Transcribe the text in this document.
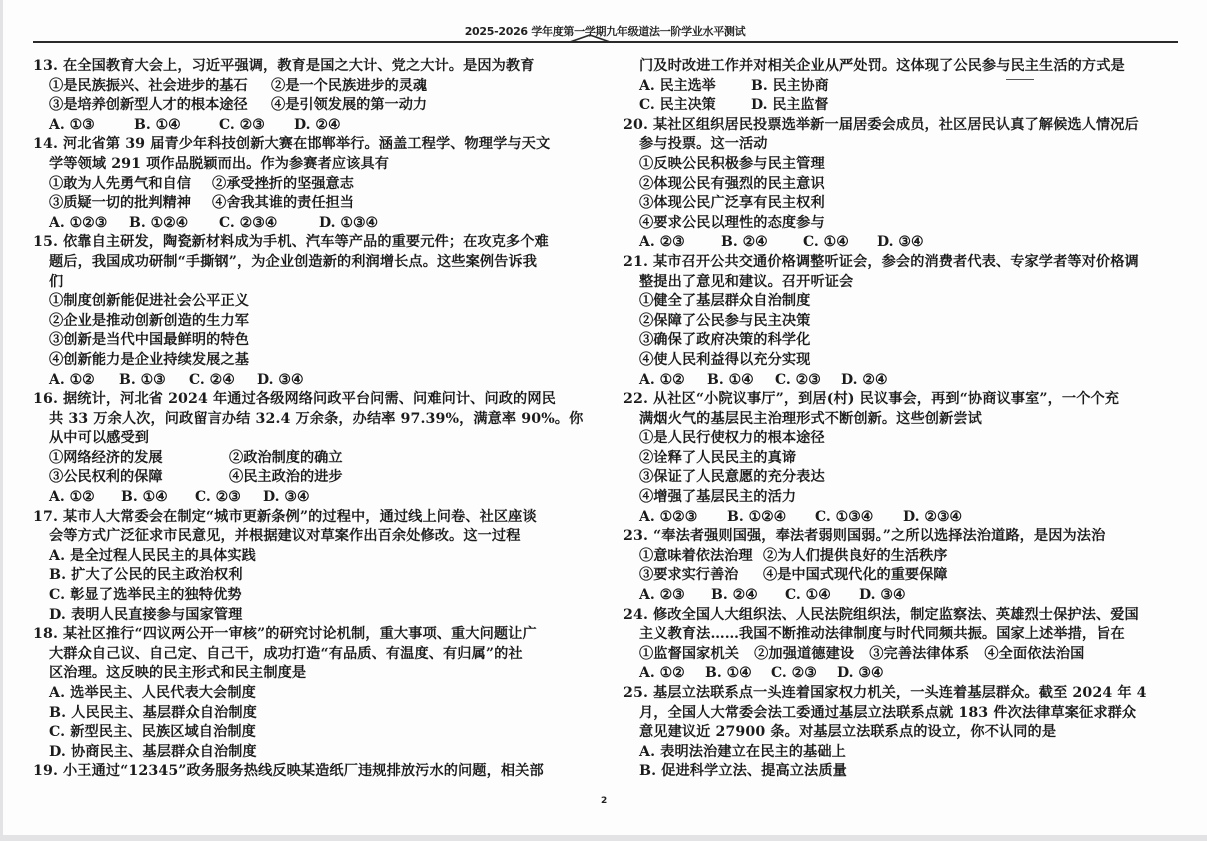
2025-2026 学年度第一学期九年级道法一阶学业水平测试
13. 在全国教育大会上，习近平强调，教育是国之大计、党之大计。是因为教育
①是民族振兴、社会进步的基石	②是一个民族进步的灵魂
③是培养创新型人才的根本途径	④是引领发展的第一动力
A. ①③	B. ①④	C. ②③	D. ②④
14. 河北省第 39 届青少年科技创新大赛在邯郸举行。涵盖工程学、物理学与天文
学等领域 291 项作品脱颖而出。作为参赛者应该具有
①敢为人先勇气和自信	②承受挫折的坚强意志
③质疑一切的批判精神	④舍我其谁的责任担当
A. ①②③	B. ①②④	C. ②③④	D. ①③④
15. 依靠自主研发，陶瓷新材料成为手机、汽车等产品的重要元件；在攻克多个难
题后，我国成功研制“手撕钢”，为企业创造新的利润增长点。这些案例告诉我
们
①制度创新能促进社会公平正义
②企业是推动创新创造的生力军
③创新是当代中国最鲜明的特色
④创新能力是企业持续发展之基
A. ①②	B. ①③	C. ②④	D. ③④
16. 据统计，河北省 2024 年通过各级网络问政平台问需、问难问计、问政的网民
共 33 万余人次，问政留言办结 32.4 万余条，办结率 97.39%，满意率 90%。你
从中可以感受到
①网络经济的发展	②政治制度的确立
③公民权利的保障	④民主政治的进步
A. ①②	B. ①④	C. ②③	D. ③④
17. 某市人大常委会在制定“城市更新条例”的过程中，通过线上问卷、社区座谈
会等方式广泛征求市民意见，并根据建议对草案作出百余处修改。这一过程
A. 是全过程人民民主的具体实践
B. 扩大了公民的民主政治权利
C. 彰显了选举民主的独特优势
D. 表明人民直接参与国家管理
18. 某社区推行“四议两公开一审核”的研究讨论机制，重大事项、重大问题让广
大群众自己议、自己定、自己干，成功打造“有品质、有温度、有归属”的社
区治理。这反映的民主形式和民主制度是
A. 选举民主、人民代表大会制度
B. 人民民主、基层群众自治制度
C. 新型民主、民族区域自治制度
D. 协商民主、基层群众自治制度
19. 小王通过“12345”政务服务热线反映某造纸厂违规排放污水的问题，相关部
门及时改进工作并对相关企业从严处罚。这体现了公民参与民主生活的方式是
A. 民主选举	B. 民主协商
C. 民主决策	D. 民主监督
20. 某社区组织居民投票选举新一届居委会成员，社区居民认真了解候选人情况后
参与投票。这一活动
①反映公民积极参与民主管理
②体现公民有强烈的民主意识
③体现公民广泛享有民主权利
④要求公民以理性的态度参与
A. ②③	B. ②④	C. ①④	D. ③④
21. 某市召开公共交通价格调整听证会，参会的消费者代表、专家学者等对价格调
整提出了意见和建议。召开听证会
①健全了基层群众自治制度
②保障了公民参与民主决策
③确保了政府决策的科学化
④使人民利益得以充分实现
A. ①②	B. ①④	C. ②③	D. ②④
22. 从社区“小院议事厅”，到居(村) 民议事会，再到“协商议事室”，一个个充
满烟火气的基层民主治理形式不断创新。这些创新尝试
①是人民行使权力的根本途径
②诠释了人民民主的真谛
③保证了人民意愿的充分表达
④增强了基层民主的活力
A. ①②③	B. ①②④	C. ①③④	D. ②③④
23. “奉法者强则国强，奉法者弱则国弱。”之所以选择法治道路，是因为法治
①意味着依法治理 ②为人们提供良好的生活秩序
③要求实行善治	④是中国式现代化的重要保障
A. ②③	B. ②④	C. ①④	D. ③④
24. 修改全国人大组织法、人民法院组织法，制定监察法、英雄烈士保护法、爱国
主义教育法……我国不断推动法律制度与时代同频共振。国家上述举措，旨在
①监督国家机关   ②加强道德建设   ③完善法律体系   ④全面依法治国
A. ①②	B. ①④	C. ②③	D. ③④
25. 基层立法联系点一头连着国家权力机关，一头连着基层群众。截至 2024 年 4
月，全国人大常委会法工委通过基层立法联系点就 183 件次法律草案征求群众
意见建议近 27900 条。对基层立法联系点的设立，你不认同的是
A. 表明法治建立在民主的基础上
B. 促进科学立法、提高立法质量
2
